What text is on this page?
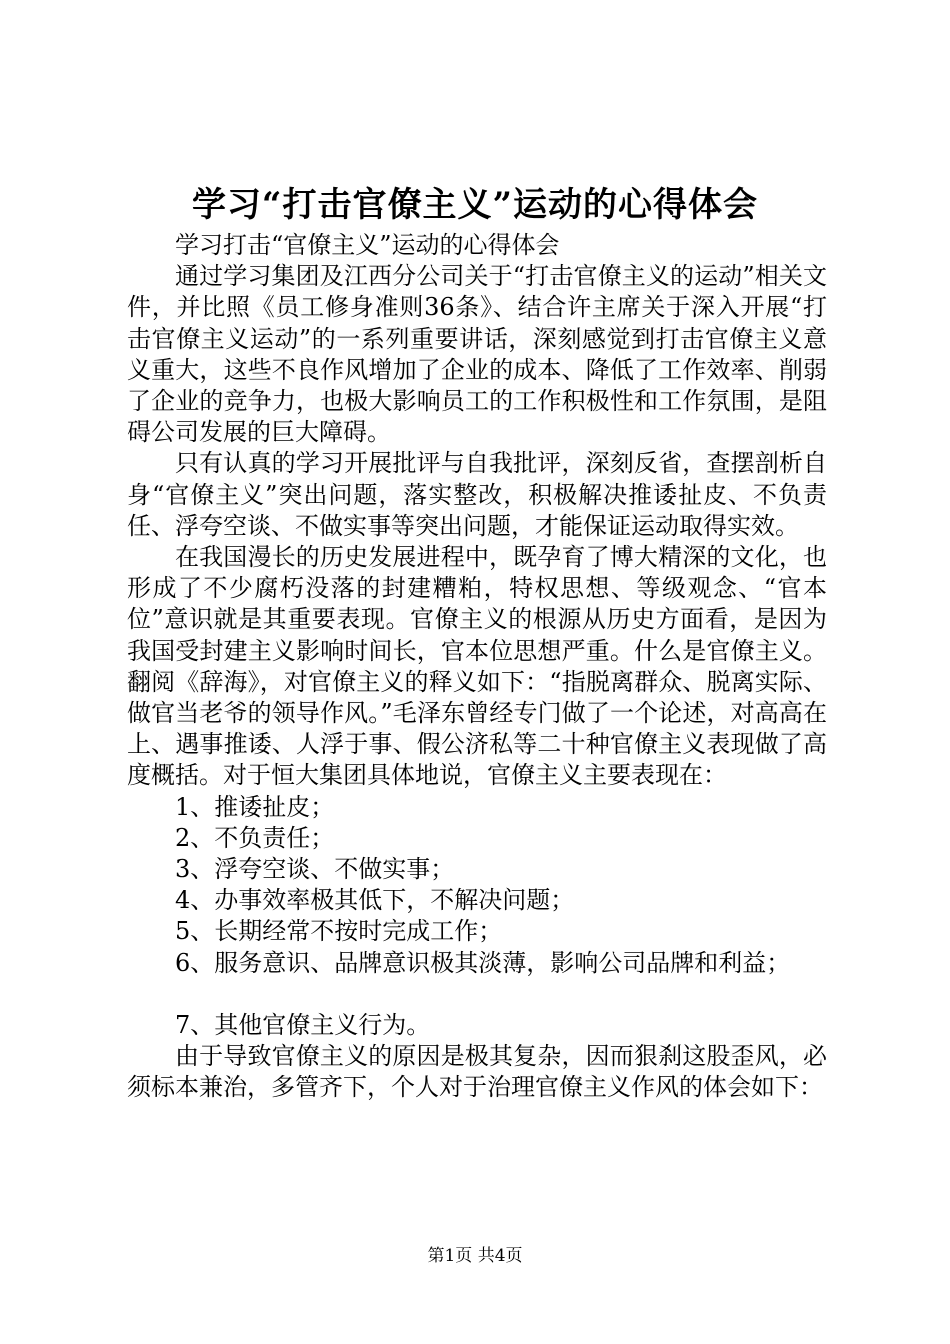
学习“打击官僚主义”运动的心得体会

学习打击“官僚主义”运动的心得体会

通过学习集团及江西分公司关于“打击官僚主义的运动”相关文件，并比照《员工修身准则36条》、结合许主席关于深入开展“打击官僚主义运动”的一系列重要讲话，深刻感觉到打击官僚主义意义重大，这些不良作风增加了企业的成本、降低了工作效率、削弱了企业的竞争力，也极大影响员工的工作积极性和工作氛围，是阻碍公司发展的巨大障碍。

只有认真的学习开展批评与自我批评，深刻反省，查摆剖析自身“官僚主义”突出问题，落实整改，积极解决推诿扯皮、不负责任、浮夸空谈、不做实事等突出问题，才能保证运动取得实效。

在我国漫长的历史发展进程中，既孕育了博大精深的文化，也形成了不少腐朽没落的封建糟粕，特权思想、等级观念、“官本位”意识就是其重要表现。官僚主义的根源从历史方面看，是因为我国受封建主义影响时间长，官本位思想严重。什么是官僚主义。翻阅《辞海》，对官僚主义的释义如下：“指脱离群众、脱离实际、做官当老爷的领导作风。”毛泽东曾经专门做了一个论述，对高高在上、遇事推诿、人浮于事、假公济私等二十种官僚主义表现做了高度概括。对于恒大集团具体地说，官僚主义主要表现在：

1、推诿扯皮；

2、不负责任；

3、浮夸空谈、不做实事；

4、办事效率极其低下，不解决问题；

5、长期经常不按时完成工作；

6、服务意识、品牌意识极其淡薄，影响公司品牌和利益；

7、其他官僚主义行为。

由于导致官僚主义的原因是极其复杂，因而狠刹这股歪风，必须标本兼治，多管齐下，个人对于治理官僚主义作风的体会如下：

第1页 共4页
